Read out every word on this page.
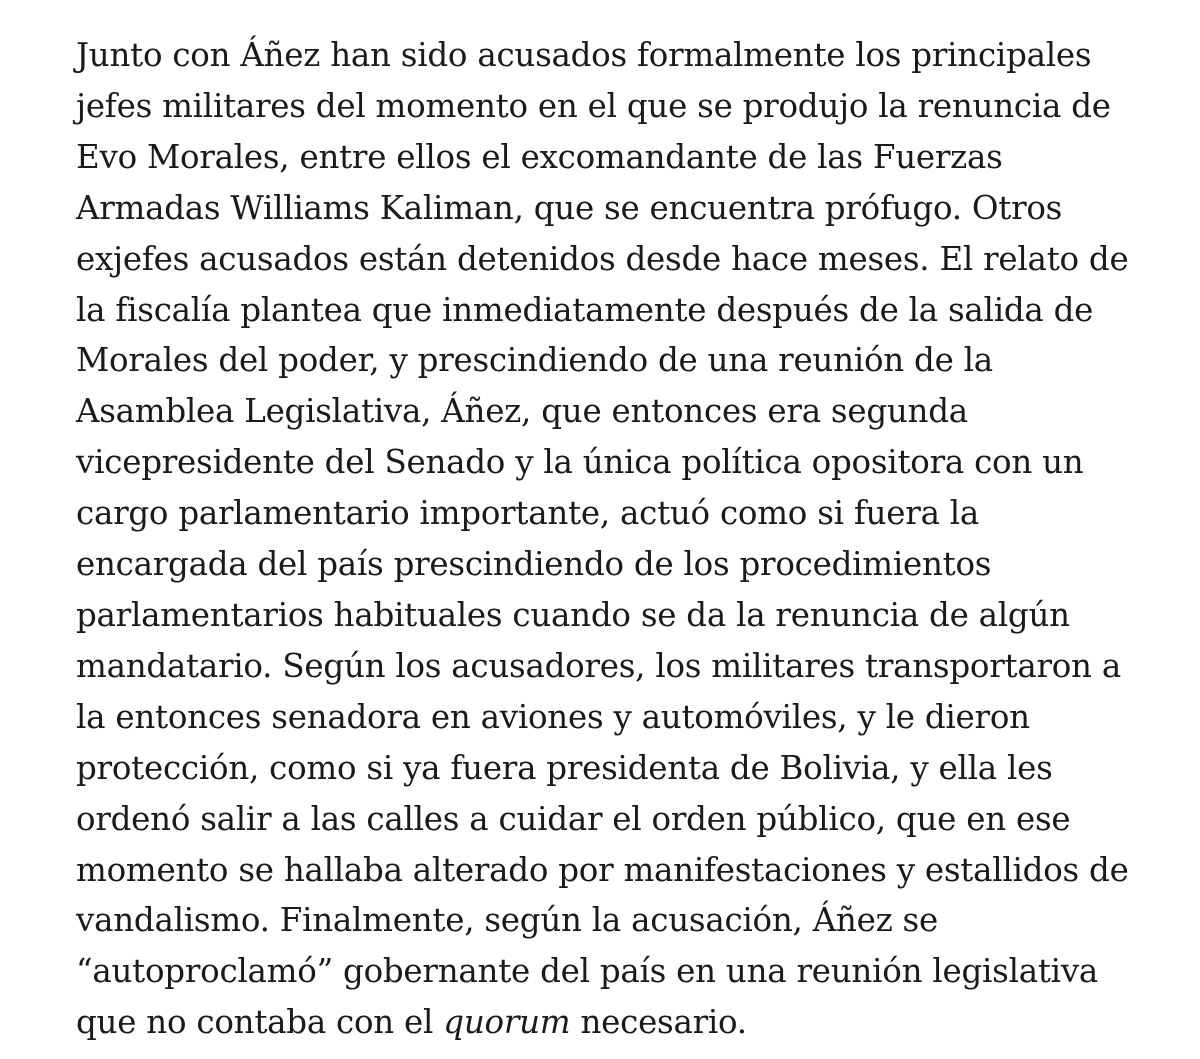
Junto con Áñez han sido acusados formalmente los principales
jefes militares del momento en el que se produjo la renuncia de
Evo Morales, entre ellos el excomandante de las Fuerzas
Armadas Williams Kaliman, que se encuentra prófugo. Otros
exjefes acusados están detenidos desde hace meses. El relato de
la fiscalía plantea que inmediatamente después de la salida de
Morales del poder, y prescindiendo de una reunión de la
Asamblea Legislativa, Áñez, que entonces era segunda
vicepresidente del Senado y la única política opositora con un
cargo parlamentario importante, actuó como si fuera la
encargada del país prescindiendo de los procedimientos
parlamentarios habituales cuando se da la renuncia de algún
mandatario. Según los acusadores, los militares transportaron a
la entonces senadora en aviones y automóviles, y le dieron
protección, como si ya fuera presidenta de Bolivia, y ella les
ordenó salir a las calles a cuidar el orden público, que en ese
momento se hallaba alterado por manifestaciones y estallidos de
vandalismo. Finalmente, según la acusación, Áñez se
“autoproclamó” gobernante del país en una reunión legislativa
que no contaba con el quorum necesario.
